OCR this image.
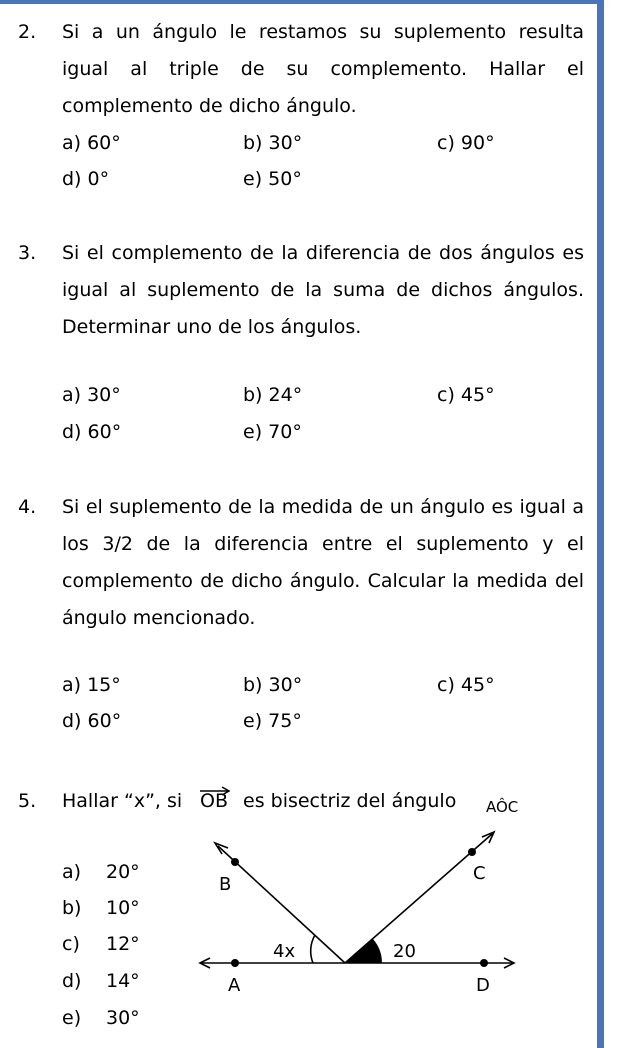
2. Si a un ángulo le restamos su suplemento resulta igual al triple de su complemento. Hallar el complemento de dicho ángulo.
a) 60°	b) 30°	c) 90°
d) 0°	e) 50°
3. Si el complemento de la diferencia de dos ángulos es igual al suplemento de la suma de dichos ángulos. Determinar uno de los ángulos.
a) 30°	b) 24°	c) 45°
d) 60°	e) 70°
4. Si el suplemento de la medida de un ángulo es igual a los 3/2 de la diferencia entre el suplemento y el complemento de dicho ángulo. Calcular la medida del ángulo mencionado.
a) 15°	b) 30°	c) 45°
d) 60°	e) 75°
5. Hallar “x”, si OB es bisectriz del ángulo AÔC
a) 20°
b) 10°
c) 12°
d) 14°
e) 30°
B
C
A	D
4x	20
